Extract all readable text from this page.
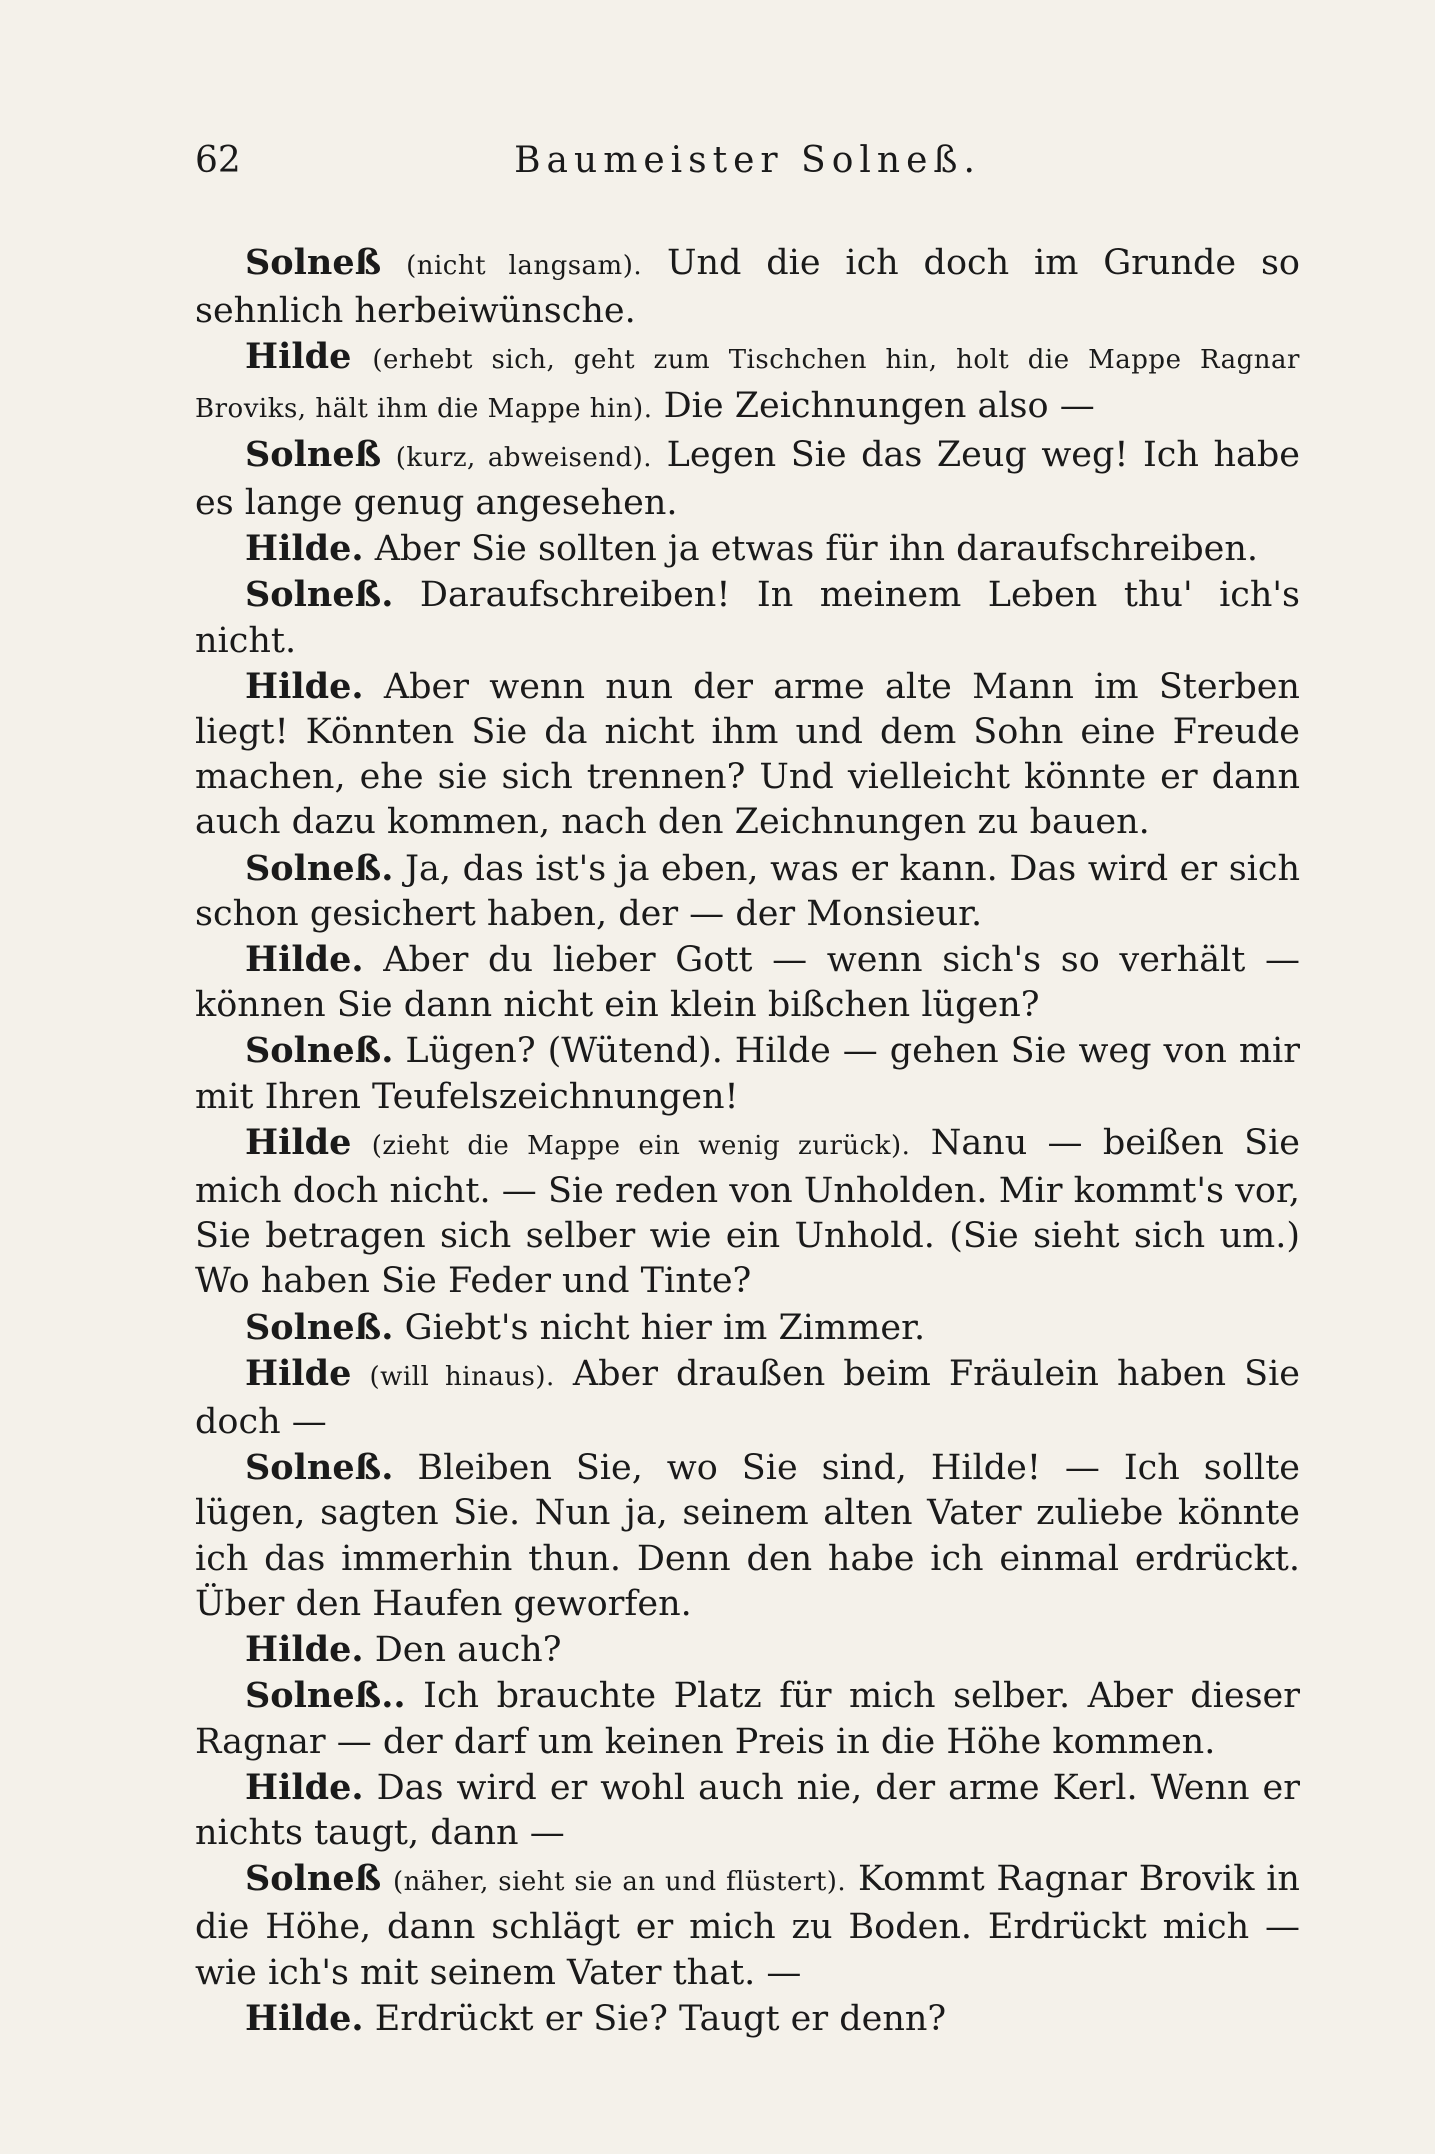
62	Baumeister Solneß.

Solneß (nicht langsam). Und die ich doch im Grunde so sehnlich herbeiwünsche.

Hilde (erhebt sich, geht zum Tischchen hin, holt die Mappe Ragnar Broviks, hält ihm die Mappe hin). Die Zeichnungen also —

Solneß (kurz, abweisend). Legen Sie das Zeug weg! Ich habe es lange genug angesehen.

Hilde. Aber Sie sollten ja etwas für ihn daraufschreiben.

Solneß. Daraufschreiben! In meinem Leben thu' ich's nicht.

Hilde. Aber wenn nun der arme alte Mann im Sterben liegt! Könnten Sie da nicht ihm und dem Sohn eine Freude machen, ehe sie sich trennen? Und vielleicht könnte er dann auch dazu kommen, nach den Zeichnungen zu bauen.

Solneß. Ja, das ist's ja eben, was er kann. Das wird er sich schon gesichert haben, der — der Monsieur.

Hilde. Aber du lieber Gott — wenn sich's so verhält — können Sie dann nicht ein klein bißchen lügen?

Solneß. Lügen? (Wütend). Hilde — gehen Sie weg von mir mit Ihren Teufelszeichnungen!

Hilde (zieht die Mappe ein wenig zurück). Nanu — beißen Sie mich doch nicht. — Sie reden von Unholden. Mir kommt's vor, Sie betragen sich selber wie ein Unhold. (Sie sieht sich um.) Wo haben Sie Feder und Tinte?

Solneß. Giebt's nicht hier im Zimmer.

Hilde (will hinaus). Aber draußen beim Fräulein haben Sie doch —

Solneß. Bleiben Sie, wo Sie sind, Hilde! — Ich sollte lügen, sagten Sie. Nun ja, seinem alten Vater zuliebe könnte ich das immerhin thun. Denn den habe ich einmal erdrückt. Über den Haufen geworfen.

Hilde. Den auch?

Solneß.. Ich brauchte Platz für mich selber. Aber dieser Ragnar — der darf um keinen Preis in die Höhe kommen.

Hilde. Das wird er wohl auch nie, der arme Kerl. Wenn er nichts taugt, dann —

Solneß (näher, sieht sie an und flüstert). Kommt Ragnar Brovik in die Höhe, dann schlägt er mich zu Boden. Erdrückt mich — wie ich's mit seinem Vater that. —

Hilde. Erdrückt er Sie? Taugt er denn?
